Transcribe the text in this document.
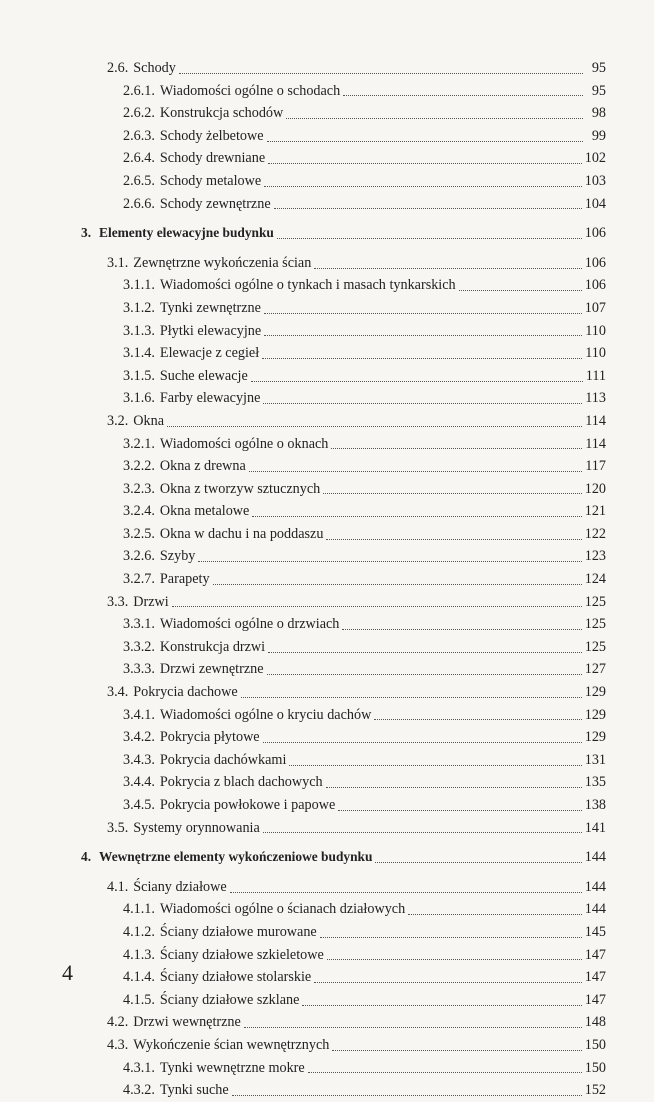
2.6. Schody	95
2.6.1. Wiadomości ogólne o schodach	95
2.6.2. Konstrukcja schodów	98
2.6.3. Schody żelbetowe	99
2.6.4. Schody drewniane	102
2.6.5. Schody metalowe	103
2.6.6. Schody zewnętrzne	104
3. Elementy elewacyjne budynku	106
3.1. Zewnętrzne wykończenia ścian	106
3.1.1. Wiadomości ogólne o tynkach i masach tynkarskich	106
3.1.2. Tynki zewnętrzne	107
3.1.3. Płytki elewacyjne	110
3.1.4. Elewacje z cegieł	110
3.1.5. Suche elewacje	111
3.1.6. Farby elewacyjne	113
3.2. Okna	114
3.2.1. Wiadomości ogólne o oknach	114
3.2.2. Okna z drewna	117
3.2.3. Okna z tworzyw sztucznych	120
3.2.4. Okna metalowe	121
3.2.5. Okna w dachu i na poddaszu	122
3.2.6. Szyby	123
3.2.7. Parapety	124
3.3. Drzwi	125
3.3.1. Wiadomości ogólne o drzwiach	125
3.3.2. Konstrukcja drzwi	125
3.3.3. Drzwi zewnętrzne	127
3.4. Pokrycia dachowe	129
3.4.1. Wiadomości ogólne o kryciu dachów	129
3.4.2. Pokrycia płytowe	129
3.4.3. Pokrycia dachówkami	131
3.4.4. Pokrycia z blach dachowych	135
3.4.5. Pokrycia powłokowe i papowe	138
3.5. Systemy orynnowania	141
4. Wewnętrzne elementy wykończeniowe budynku	144
4.1. Ściany działowe	144
4.1.1. Wiadomości ogólne o ścianach działowych	144
4.1.2. Ściany działowe murowane	145
4.1.3. Ściany działowe szkieletowe	147
4.1.4. Ściany działowe stolarskie	147
4.1.5. Ściany działowe szklane	147
4.2. Drzwi wewnętrzne	148
4.3. Wykończenie ścian wewnętrznych	150
4.3.1. Tynki wewnętrzne mokre	150
4.3.2. Tynki suche	152
4
